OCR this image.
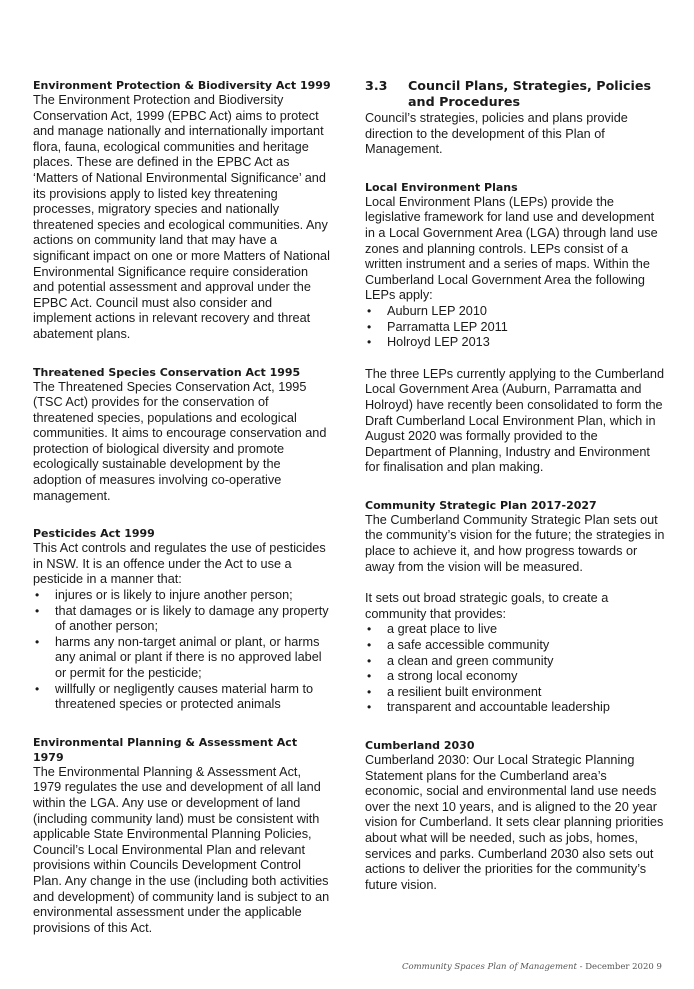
Environment Protection & Biodiversity Act 1999

The Environment Protection and Biodiversity Conservation Act, 1999 (EPBC Act) aims to protect and manage nationally and internationally important flora, fauna, ecological communities and heritage places. These are defined in the EPBC Act as ‘Matters of National Environmental Significance’ and its provisions apply to listed key threatening processes, migratory species and nationally threatened species and ecological communities. Any actions on community land that may have a significant impact on one or more Matters of National Environmental Significance require consideration and potential assessment and approval under the EPBC Act. Council must also consider and implement actions in relevant recovery and threat abatement plans.

Threatened Species Conservation Act 1995

The Threatened Species Conservation Act, 1995 (TSC Act) provides for the conservation of threatened species, populations and ecological communities. It aims to encourage conservation and protection of biological diversity and promote ecologically sustainable development by the adoption of measures involving co-operative management.

Pesticides Act 1999

This Act controls and regulates the use of pesticides in NSW. It is an offence under the Act to use a pesticide in a manner that:

• injures or is likely to injure another person;
• that damages or is likely to damage any property of another person;
• harms any non-target animal or plant, or harms any animal or plant if there is no approved label or permit for the pesticide;
• willfully or negligently causes material harm to threatened species or protected animals

Environmental Planning & Assessment Act 1979

The Environmental Planning & Assessment Act, 1979 regulates the use and development of all land within the LGA. Any use or development of land (including community land) must be consistent with applicable State Environmental Planning Policies, Council’s Local Environmental Plan and relevant provisions within Councils Development Control Plan. Any change in the use (including both activities and development) of community land is subject to an environmental assessment under the applicable provisions of this Act.

3.3 Council Plans, Strategies, Policies and Procedures

Council’s strategies, policies and plans provide direction to the development of this Plan of Management.

Local Environment Plans

Local Environment Plans (LEPs) provide the legislative framework for land use and development in a Local Government Area (LGA) through land use zones and planning controls. LEPs consist of a written instrument and a series of maps. Within the Cumberland Local Government Area the following LEPs apply:

• Auburn LEP 2010
• Parramatta LEP 2011
• Holroyd LEP 2013

The three LEPs currently applying to the Cumberland Local Government Area (Auburn, Parramatta and Holroyd) have recently been consolidated to form the Draft Cumberland Local Environment Plan, which in August 2020 was formally provided to the Department of Planning, Industry and Environment for finalisation and plan making.

Community Strategic Plan 2017-2027

The Cumberland Community Strategic Plan sets out the community’s vision for the future; the strategies in place to achieve it, and how progress towards or away from the vision will be measured.

It sets out broad strategic goals, to create a community that provides:

• a great place to live
• a safe accessible community
• a clean and green community
• a strong local economy
• a resilient built environment
• transparent and accountable leadership

Cumberland 2030

Cumberland 2030: Our Local Strategic Planning Statement plans for the Cumberland area’s economic, social and environmental land use needs over the next 10 years, and is aligned to the 20 year vision for Cumberland. It sets clear planning priorities about what will be needed, such as jobs, homes, services and parks. Cumberland 2030 also sets out actions to deliver the priorities for the community’s future vision.

Community Spaces Plan of Management - December 2020 9
